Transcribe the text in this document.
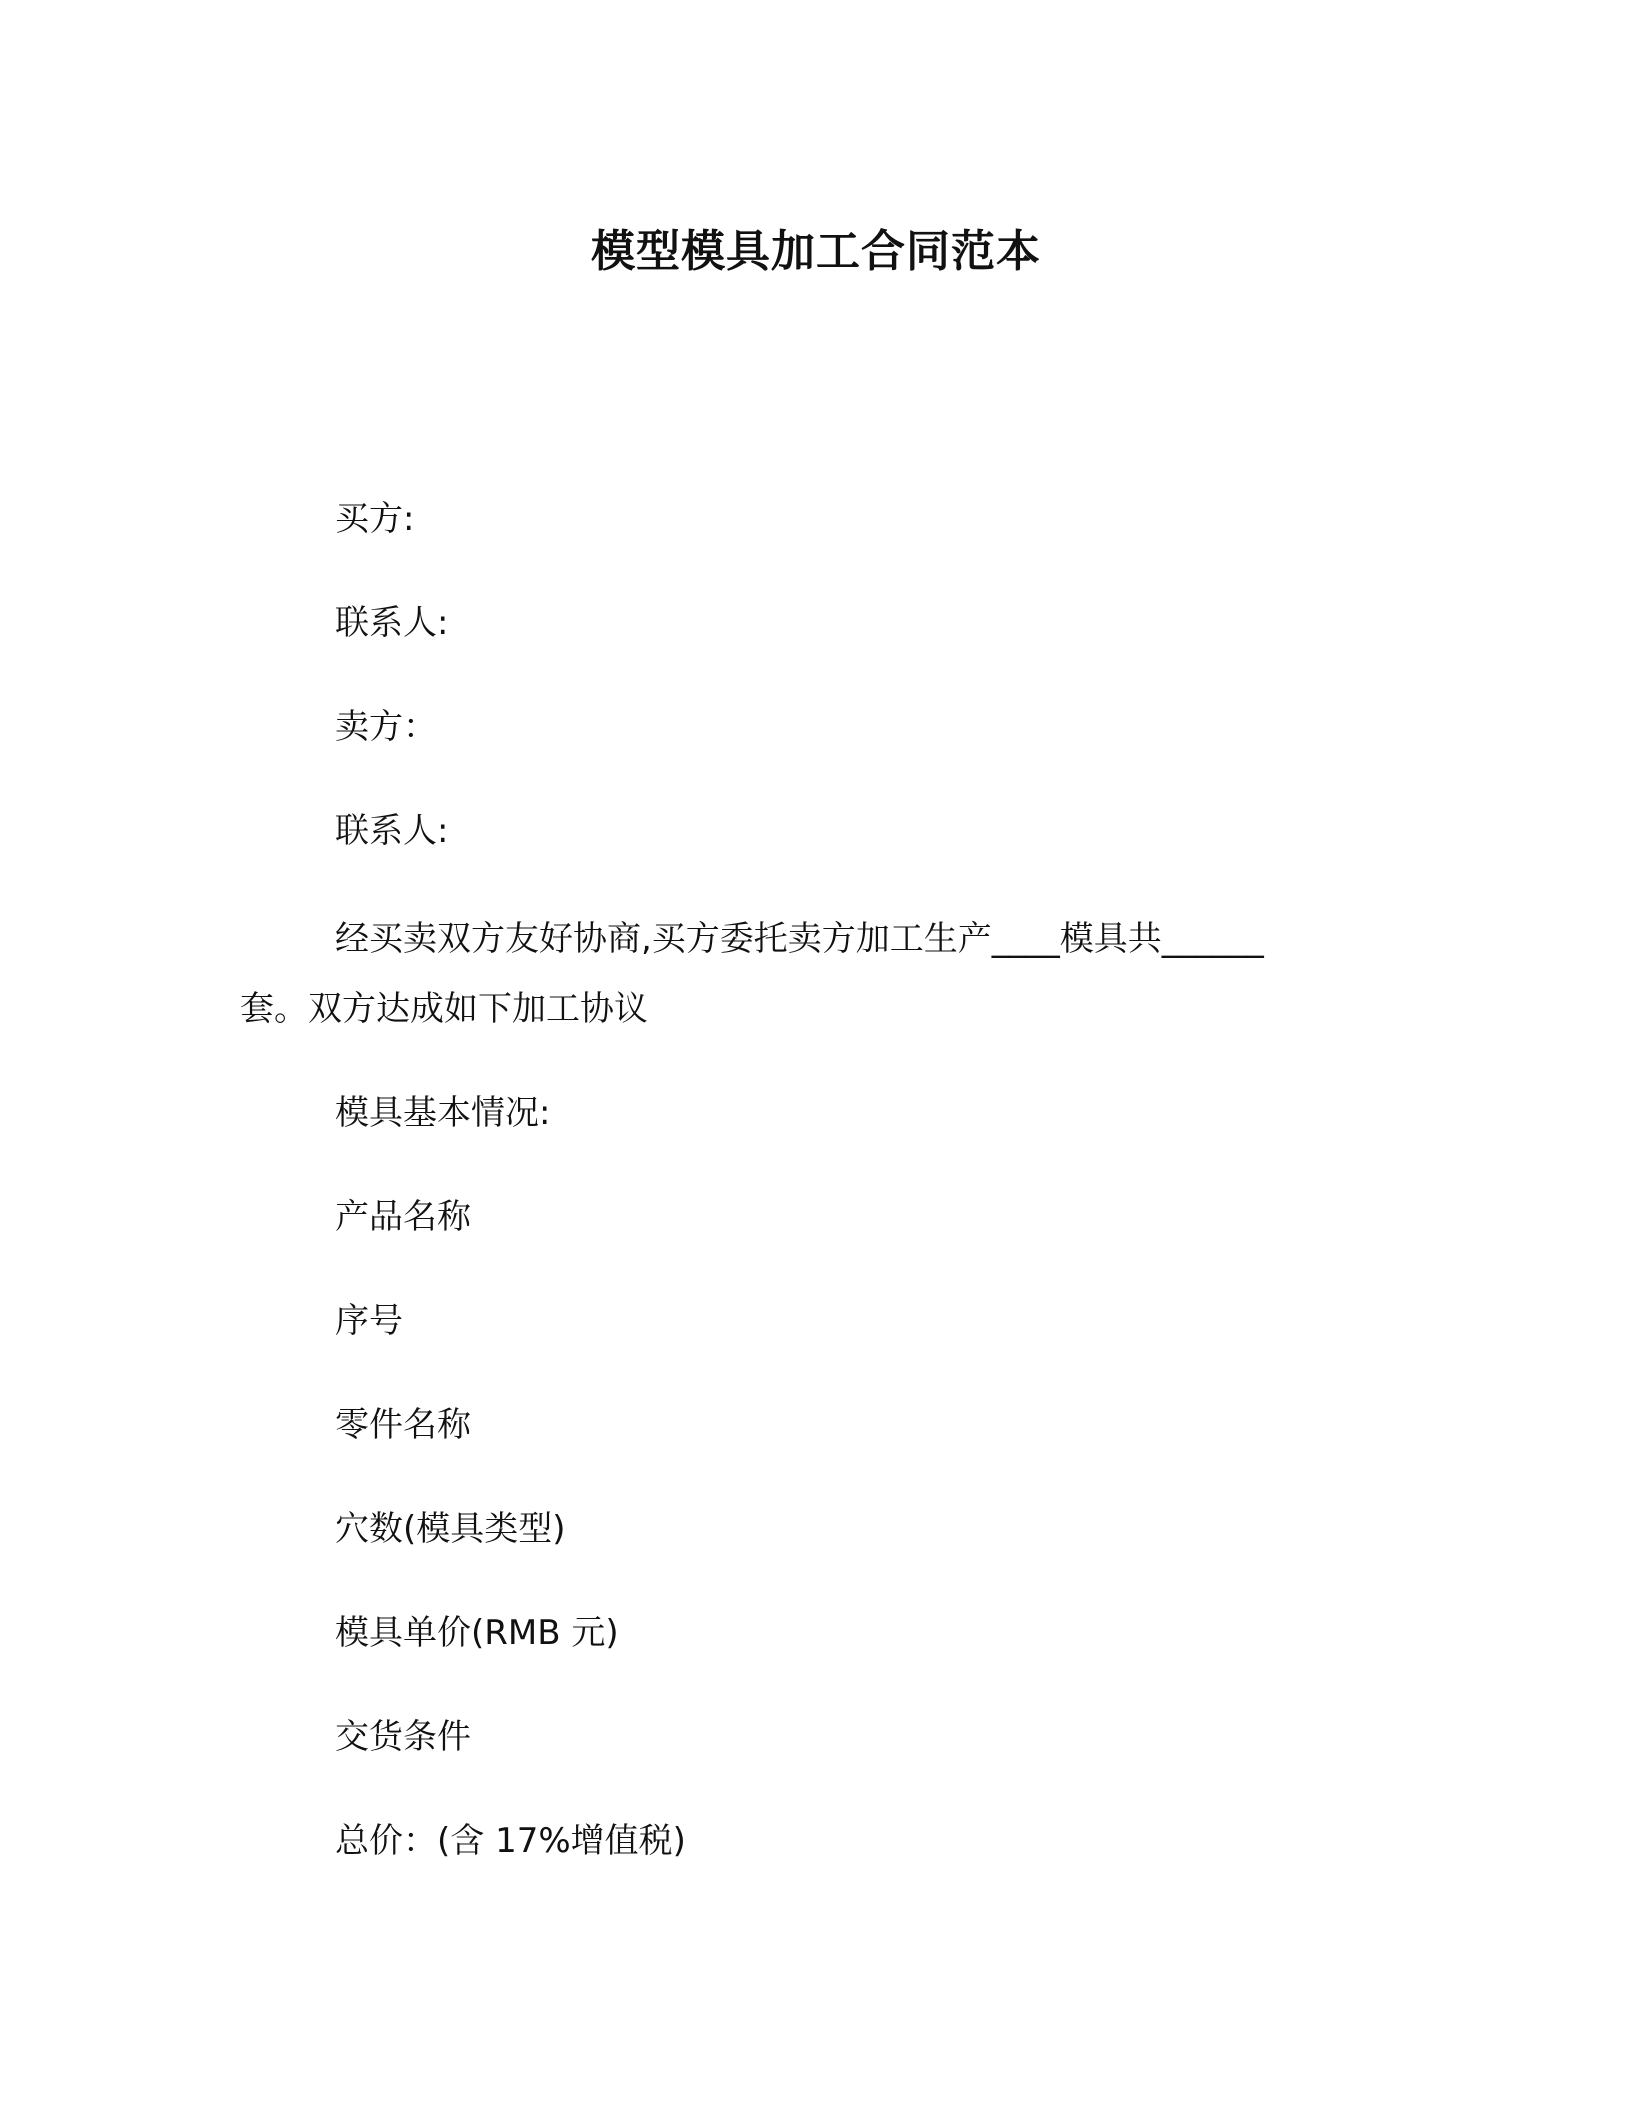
模型模具加工合同范本
买方:
联系人:
卖方：
联系人:
经买卖双方友好协商,买方委托卖方加工生产____模具共______
套。双方达成如下加工协议
模具基本情况:
产品名称
序号
零件名称
穴数(模具类型)
模具单价(RMB 元)
交货条件
总价：(含 17%增值税)
